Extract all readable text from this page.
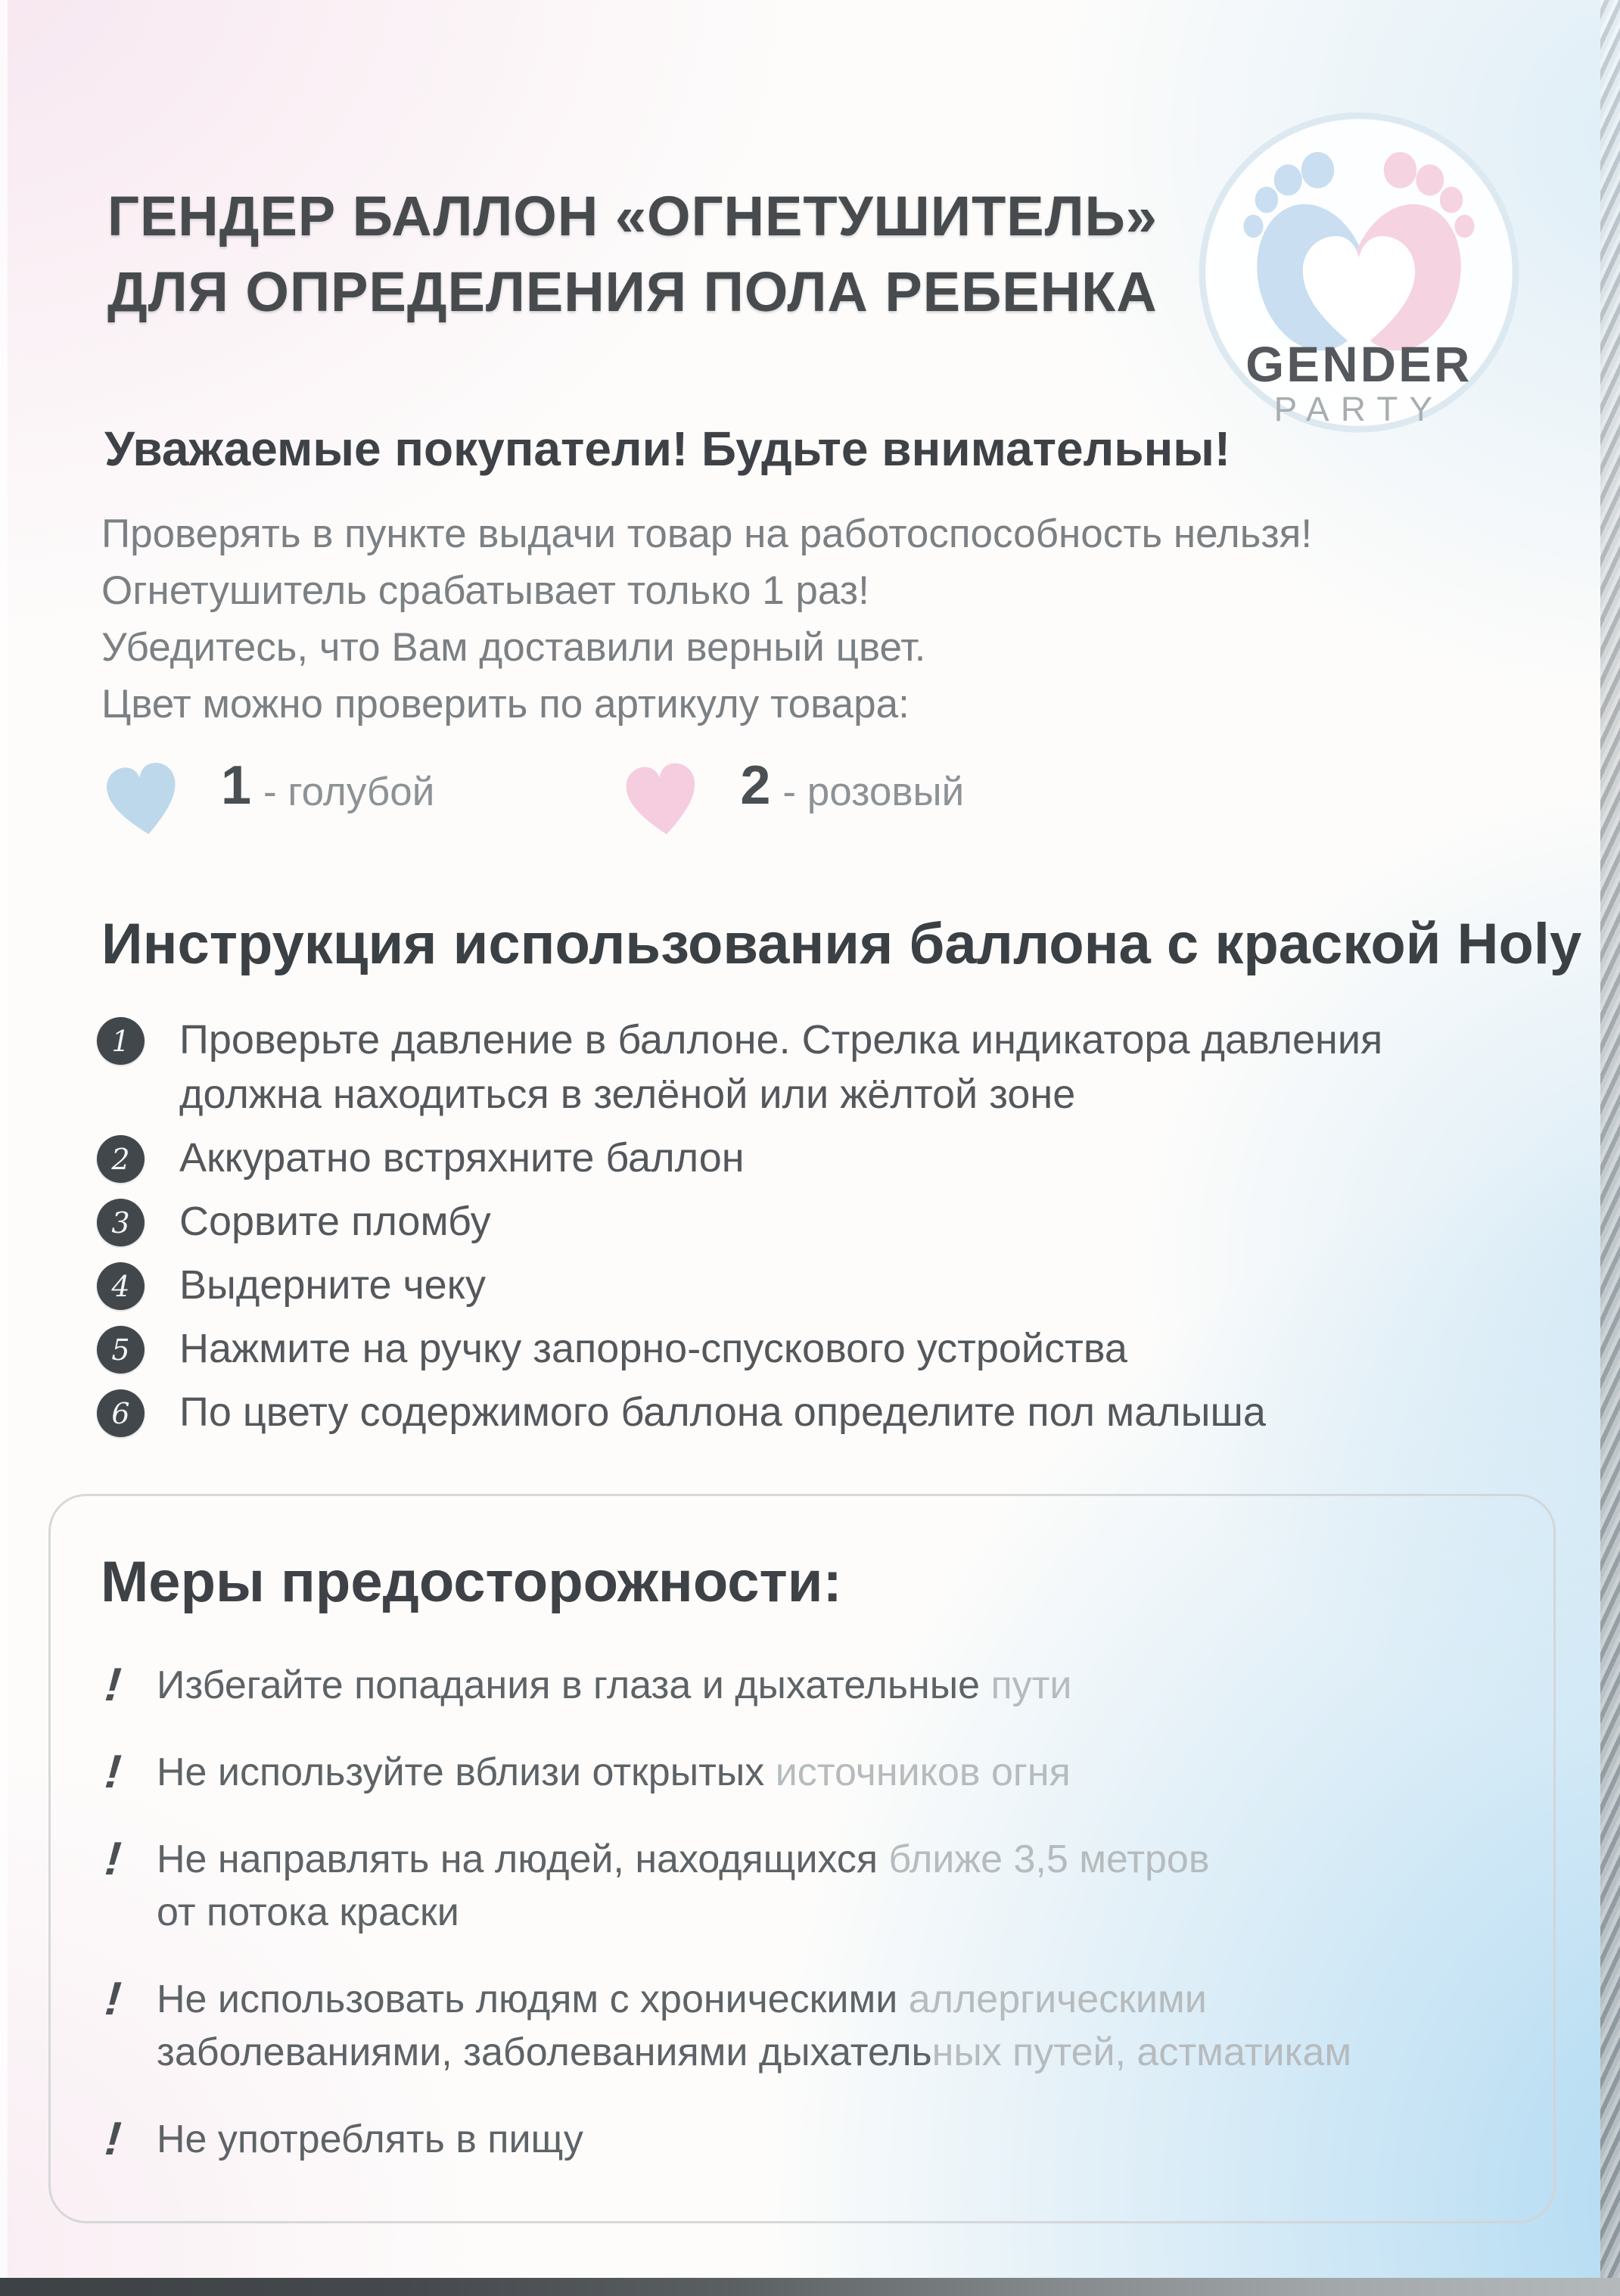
ГЕНДЕР БАЛЛОН «ОГНЕТУШИТЕЛЬ»
ДЛЯ ОПРЕДЕЛЕНИЯ ПОЛА РЕБЕНКА
GENDER
PARTY
Уважаемые покупатели! Будьте внимательны!
Проверять в пункте выдачи товар на работоспособность нельзя!
Огнетушитель срабатывает только 1 раз!
Убедитесь, что Вам доставили верный цвет.
Цвет можно проверить по артикулу товара:
1 - голубой	2 - розовый
Инструкция использования баллона с краской Holy
1	Проверьте давление в баллоне. Стрелка индикатора давления
должна находиться в зелёной или жёлтой зоне
2	Аккуратно встряхните баллон
3	Сорвите пломбу
4	Выдерните чеку
5	Нажмите на ручку запорно-спускового устройства
6	По цвету содержимого баллона определите пол малыша
Меры предосторожности:
! Избегайте попадания в глаза и дыхательные пути
! Не используйте вблизи открытых источников огня
! Не направлять на людей, находящихся ближе 3,5 метров
от потока краски
! Не использовать людям с хроническими аллергическими
заболеваниями, заболеваниями дыхательных путей, астматикам
! Не употреблять в пищу
